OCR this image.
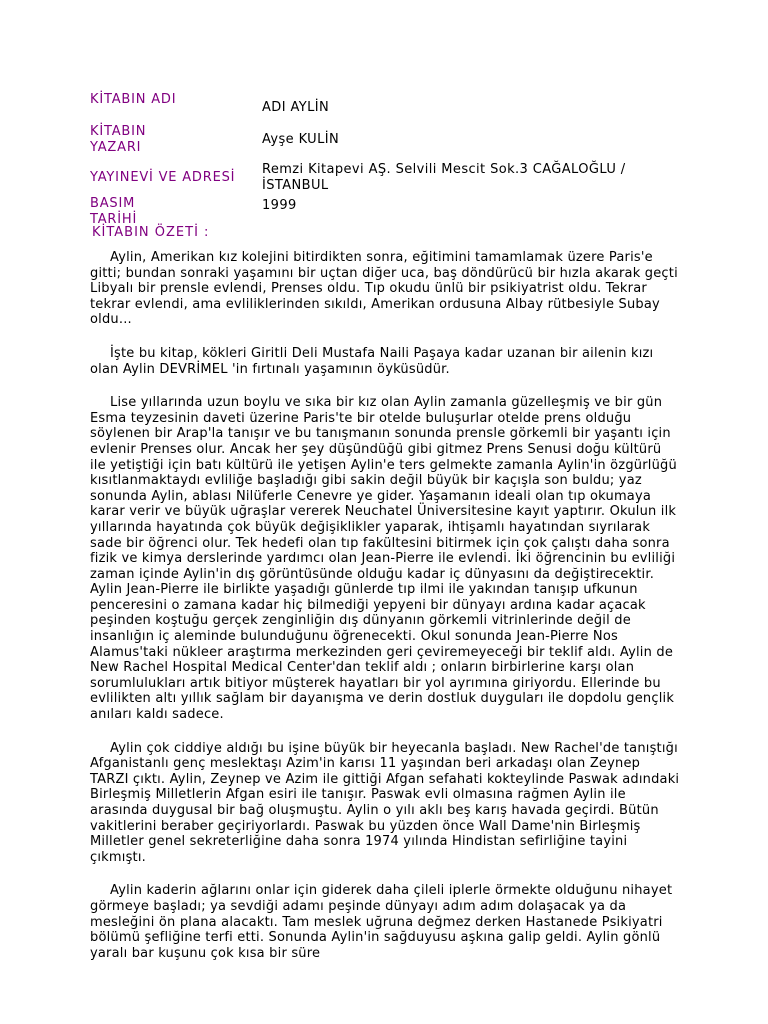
KİTABIN ADI
ADI AYLİN
KİTABIN
YAZARI
Ayşe KULİN
YAYINEVİ VE ADRESİ
Remzi Kitapevi AŞ. Selvili Mescit Sok.3 CAĞALOĞLU /
İSTANBUL
BASIM
TARİHİ
1999
KİTABIN ÖZETİ :

Aylin, Amerikan kız kolejini bitirdikten sonra, eğitimini tamamlamak üzere Paris'e gitti; bundan sonraki yaşamını bir uçtan diğer uca, baş döndürücü bir hızla akarak geçti Libyalı bir prensle evlendi, Prenses oldu. Tıp okudu ünlü bir psikiyatrist oldu. Tekrar tekrar evlendi, ama evliliklerinden sıkıldı, Amerikan ordusuna Albay rütbesiyle Subay oldu...

İşte bu kitap, kökleri Giritli Deli Mustafa Naili Paşaya kadar uzanan bir ailenin kızı olan Aylin DEVRİMEL 'in fırtınalı yaşamının öyküsüdür.

Lise yıllarında uzun boylu ve sıka bir kız olan Aylin zamanla güzelleşmiş ve bir gün Esma teyzesinin daveti üzerine Paris'te bir otelde buluşurlar otelde prens olduğu söylenen bir Arap'la tanışır ve bu tanışmanın sonunda prensle görkemli bir yaşantı için evlenir Prenses olur. Ancak her şey düşündüğü gibi gitmez Prens Senusi doğu kültürü ile yetiştiği için batı kültürü ile yetişen Aylin'e ters gelmekte zamanla Aylin'in özgürlüğü kısıtlanmaktaydı evliliğe başladığı gibi sakin değil büyük bir kaçışla son buldu; yaz sonunda Aylin, ablası Nilüferle Cenevre ye gider. Yaşamanın ideali olan tıp okumaya karar verir ve büyük uğraşlar vererek Neuchatel Üniversitesine kayıt yaptırır. Okulun ilk yıllarında hayatında çok büyük değişiklikler yaparak, ihtişamlı hayatından sıyrılarak sade bir öğrenci olur. Tek hedefi olan tıp fakültesini bitirmek için çok çalıştı daha sonra fizik ve kimya derslerinde yardımcı olan Jean-Pierre ile evlendi. İki öğrencinin bu evliliği zaman içinde Aylin'in dış görüntüsünde olduğu kadar iç dünyasını da değiştirecektir. Aylin Jean-Pierre ile birlikte yaşadığı günlerde tıp ilmi ile yakından tanışıp ufkunun penceresini o zamana kadar hiç bilmediği yepyeni bir dünyayı ardına kadar açacak peşinden koştuğu gerçek zenginliğin dış dünyanın görkemli vitrinlerinde değil de insanlığın iç aleminde bulunduğunu öğrenecekti. Okul sonunda Jean-Pierre Nos Alamus'taki nükleer araştırma merkezinden geri çeviremeyeceği bir teklif aldı. Aylin de New Rachel Hospital Medical Center'dan teklif aldı ; onların birbirlerine karşı olan sorumlulukları artık bitiyor müşterek hayatları bir yol ayrımına giriyordu. Ellerinde bu evlilikten altı yıllık sağlam bir dayanışma ve derin dostluk duyguları ile dopdolu gençlik anıları kaldı sadece.

Aylin çok ciddiye aldığı bu işine büyük bir heyecanla başladı. New Rachel'de tanıştığı Afganistanlı genç meslektaşı Azim'in karısı 11 yaşından beri arkadaşı olan Zeynep TARZI çıktı. Aylin, Zeynep ve Azim ile gittiği Afgan sefahati kokteylinde Paswak adındaki Birleşmiş Milletlerin Afgan esiri ile tanışır. Paswak evli olmasına rağmen Aylin ile arasında duygusal bir bağ oluşmuştu. Aylin o yılı aklı beş karış havada geçirdi. Bütün vakitlerini beraber geçiriyorlardı. Paswak bu yüzden önce Wall Dame'nin Birleşmiş Milletler genel sekreterliğine daha sonra 1974 yılında Hindistan sefirliğine tayini çıkmıştı.

Aylin kaderin ağlarını onlar için giderek daha çileli iplerle örmekte olduğunu nihayet görmeye başladı; ya sevdiği adamı peşinde dünyayı adım adım dolaşacak ya da mesleğini ön plana alacaktı. Tam meslek uğruna değmez derken Hastanede Psikiyatri bölümü şefliğine terfi etti. Sonunda Aylin'in sağduyusu aşkına galip geldi. Aylin gönlü yaralı bar kuşunu çok kısa bir süre
